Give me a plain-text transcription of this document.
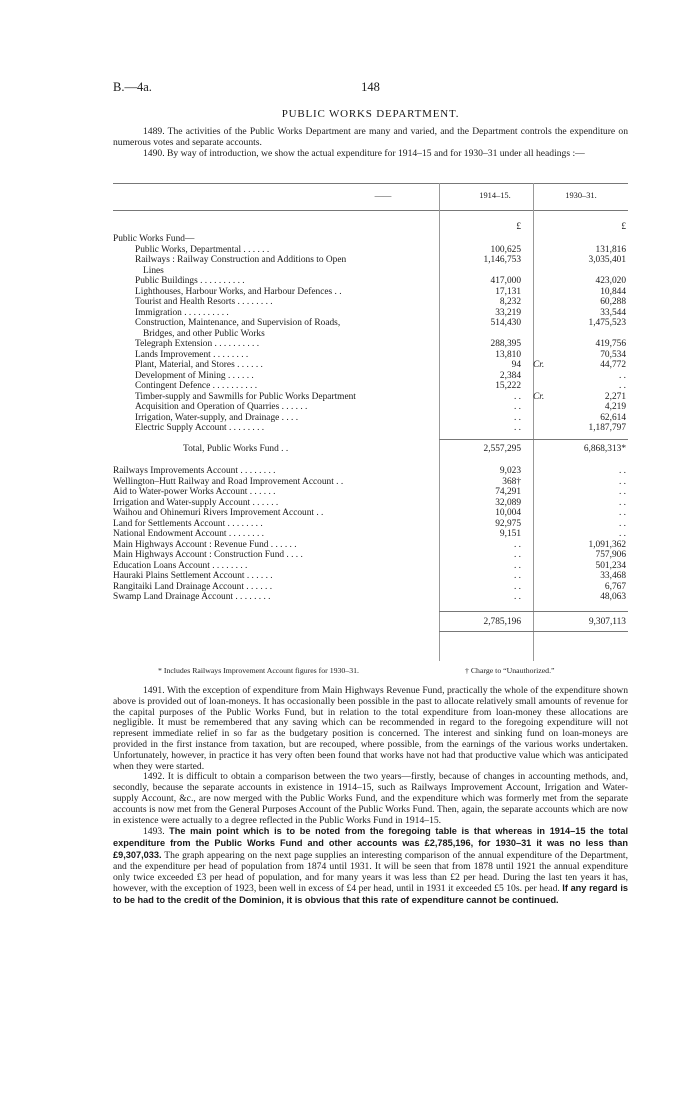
B.—4a.	148
PUBLIC WORKS DEPARTMENT.

1489. The activities of the Public Works Department are many and varied, and the Department controls the expenditure on numerous votes and separate accounts.

1490. By way of introduction, we show the actual expenditure for 1914–15 and for 1930–31 under all headings :—

——	1914–15.	1930–31.
£	£
Cr.
Cr.
Public Works Fund—
Public Works, Departmental . . . . . .	100,625	131,816
Railways : Railway Construction and Additions to Open	1,146,753	3,035,401
Lines
Public Buildings . . . . . . . . . .	417,000	423,020
Lighthouses, Harbour Works, and Harbour Defences . .	17,131	10,844
Tourist and Health Resorts . . . . . . . .	8,232	60,288
Immigration . . . . . . . . . .	33,219	33,544
Construction, Maintenance, and Supervision of Roads,	514,430	1,475,523
Bridges, and other Public Works
Telegraph Extension . . . . . . . . . .	288,395	419,756
Lands Improvement . . . . . . . .	13,810	70,534
Plant, Material, and Stores . . . . . .	94	44,772
Development of Mining . . . . . .	2,384	. .
Contingent Defence . . . . . . . . . .	15,222	. .
Timber-supply and Sawmills for Public Works Department	. .	2,271
Acquisition and Operation of Quarries . . . . . .	. .	4,219
Irrigation, Water-supply, and Drainage . . . .	. .	62,614
Electric Supply Account . . . . . . . .	. .	1,187,797
Total, Public Works Fund . .	2,557,295	6,868,313*
Railways Improvements Account . . . . . . . .	9,023	. .
Wellington–Hutt Railway and Road Improvement Account . .	368†	. .
Aid to Water-power Works Account . . . . . .	74,291	. .
Irrigation and Water-supply Account . . . . . .	32,089	. .
Waihou and Ohinemuri Rivers Improvement Account . .	10,004	. .
Land for Settlements Account . . . . . . . .	92,975	. .
National Endowment Account . . . . . . . .	9,151	. .
Main Highways Account : Revenue Fund . . . . . .	. .	1,091,362
Main Highways Account : Construction Fund . . . .	. .	757,906
Education Loans Account . . . . . . . .	. .	501,234
Hauraki Plains Settlement Account . . . . . .	. .	33,468
Rangitaiki Land Drainage Account . . . . . .	. .	6,767
Swamp Land Drainage Account . . . . . . . .	. .	48,063
2,785,196	9,307,113
* Includes Railways Improvement Account figures for 1930–31.	† Charge to “Unauthorized.”

1491. With the exception of expenditure from Main Highways Revenue Fund, practically the whole of the expenditure shown above is provided out of loan-moneys. It has occasionally been possible in the past to allocate relatively small amounts of revenue for the capital purposes of the Public Works Fund, but in relation to the total expenditure from loan-money these allocations are negligible. It must be remembered that any saving which can be recommended in regard to the foregoing expenditure will not represent immediate relief in so far as the budgetary position is concerned. The interest and sinking fund on loan-moneys are provided in the first instance from taxation, but are recouped, where possible, from the earnings of the various works undertaken. Unfortunately, however, in practice it has very often been found that works have not had that productive value which was anticipated when they were started.

1492. It is difficult to obtain a comparison between the two years—firstly, because of changes in accounting methods, and, secondly, because the separate accounts in existence in 1914–15, such as Railways Improvement Account, Irrigation and Water-supply Account, &c., are now merged with the Public Works Fund, and the expenditure which was formerly met from the separate accounts is now met from the General Purposes Account of the Public Works Fund. Then, again, the separate accounts which are now in existence were actually to a degree reflected in the Public Works Fund in 1914–15.

1493. The main point which is to be noted from the foregoing table is that whereas in 1914–15 the total expenditure from the Public Works Fund and other accounts was £2,785,196, for 1930–31 it was no less than £9,307,033. The graph appearing on the next page supplies an interesting comparison of the annual expenditure of the Department, and the expenditure per head of population from 1874 until 1931. It will be seen that from 1878 until 1921 the annual expenditure only twice exceeded £3 per head of population, and for many years it was less than £2 per head. During the last ten years it has, however, with the exception of 1923, been well in excess of £4 per head, until in 1931 it exceeded £5 10s. per head. If any regard is to be had to the credit of the Dominion, it is obvious that this rate of expenditure cannot be continued.
